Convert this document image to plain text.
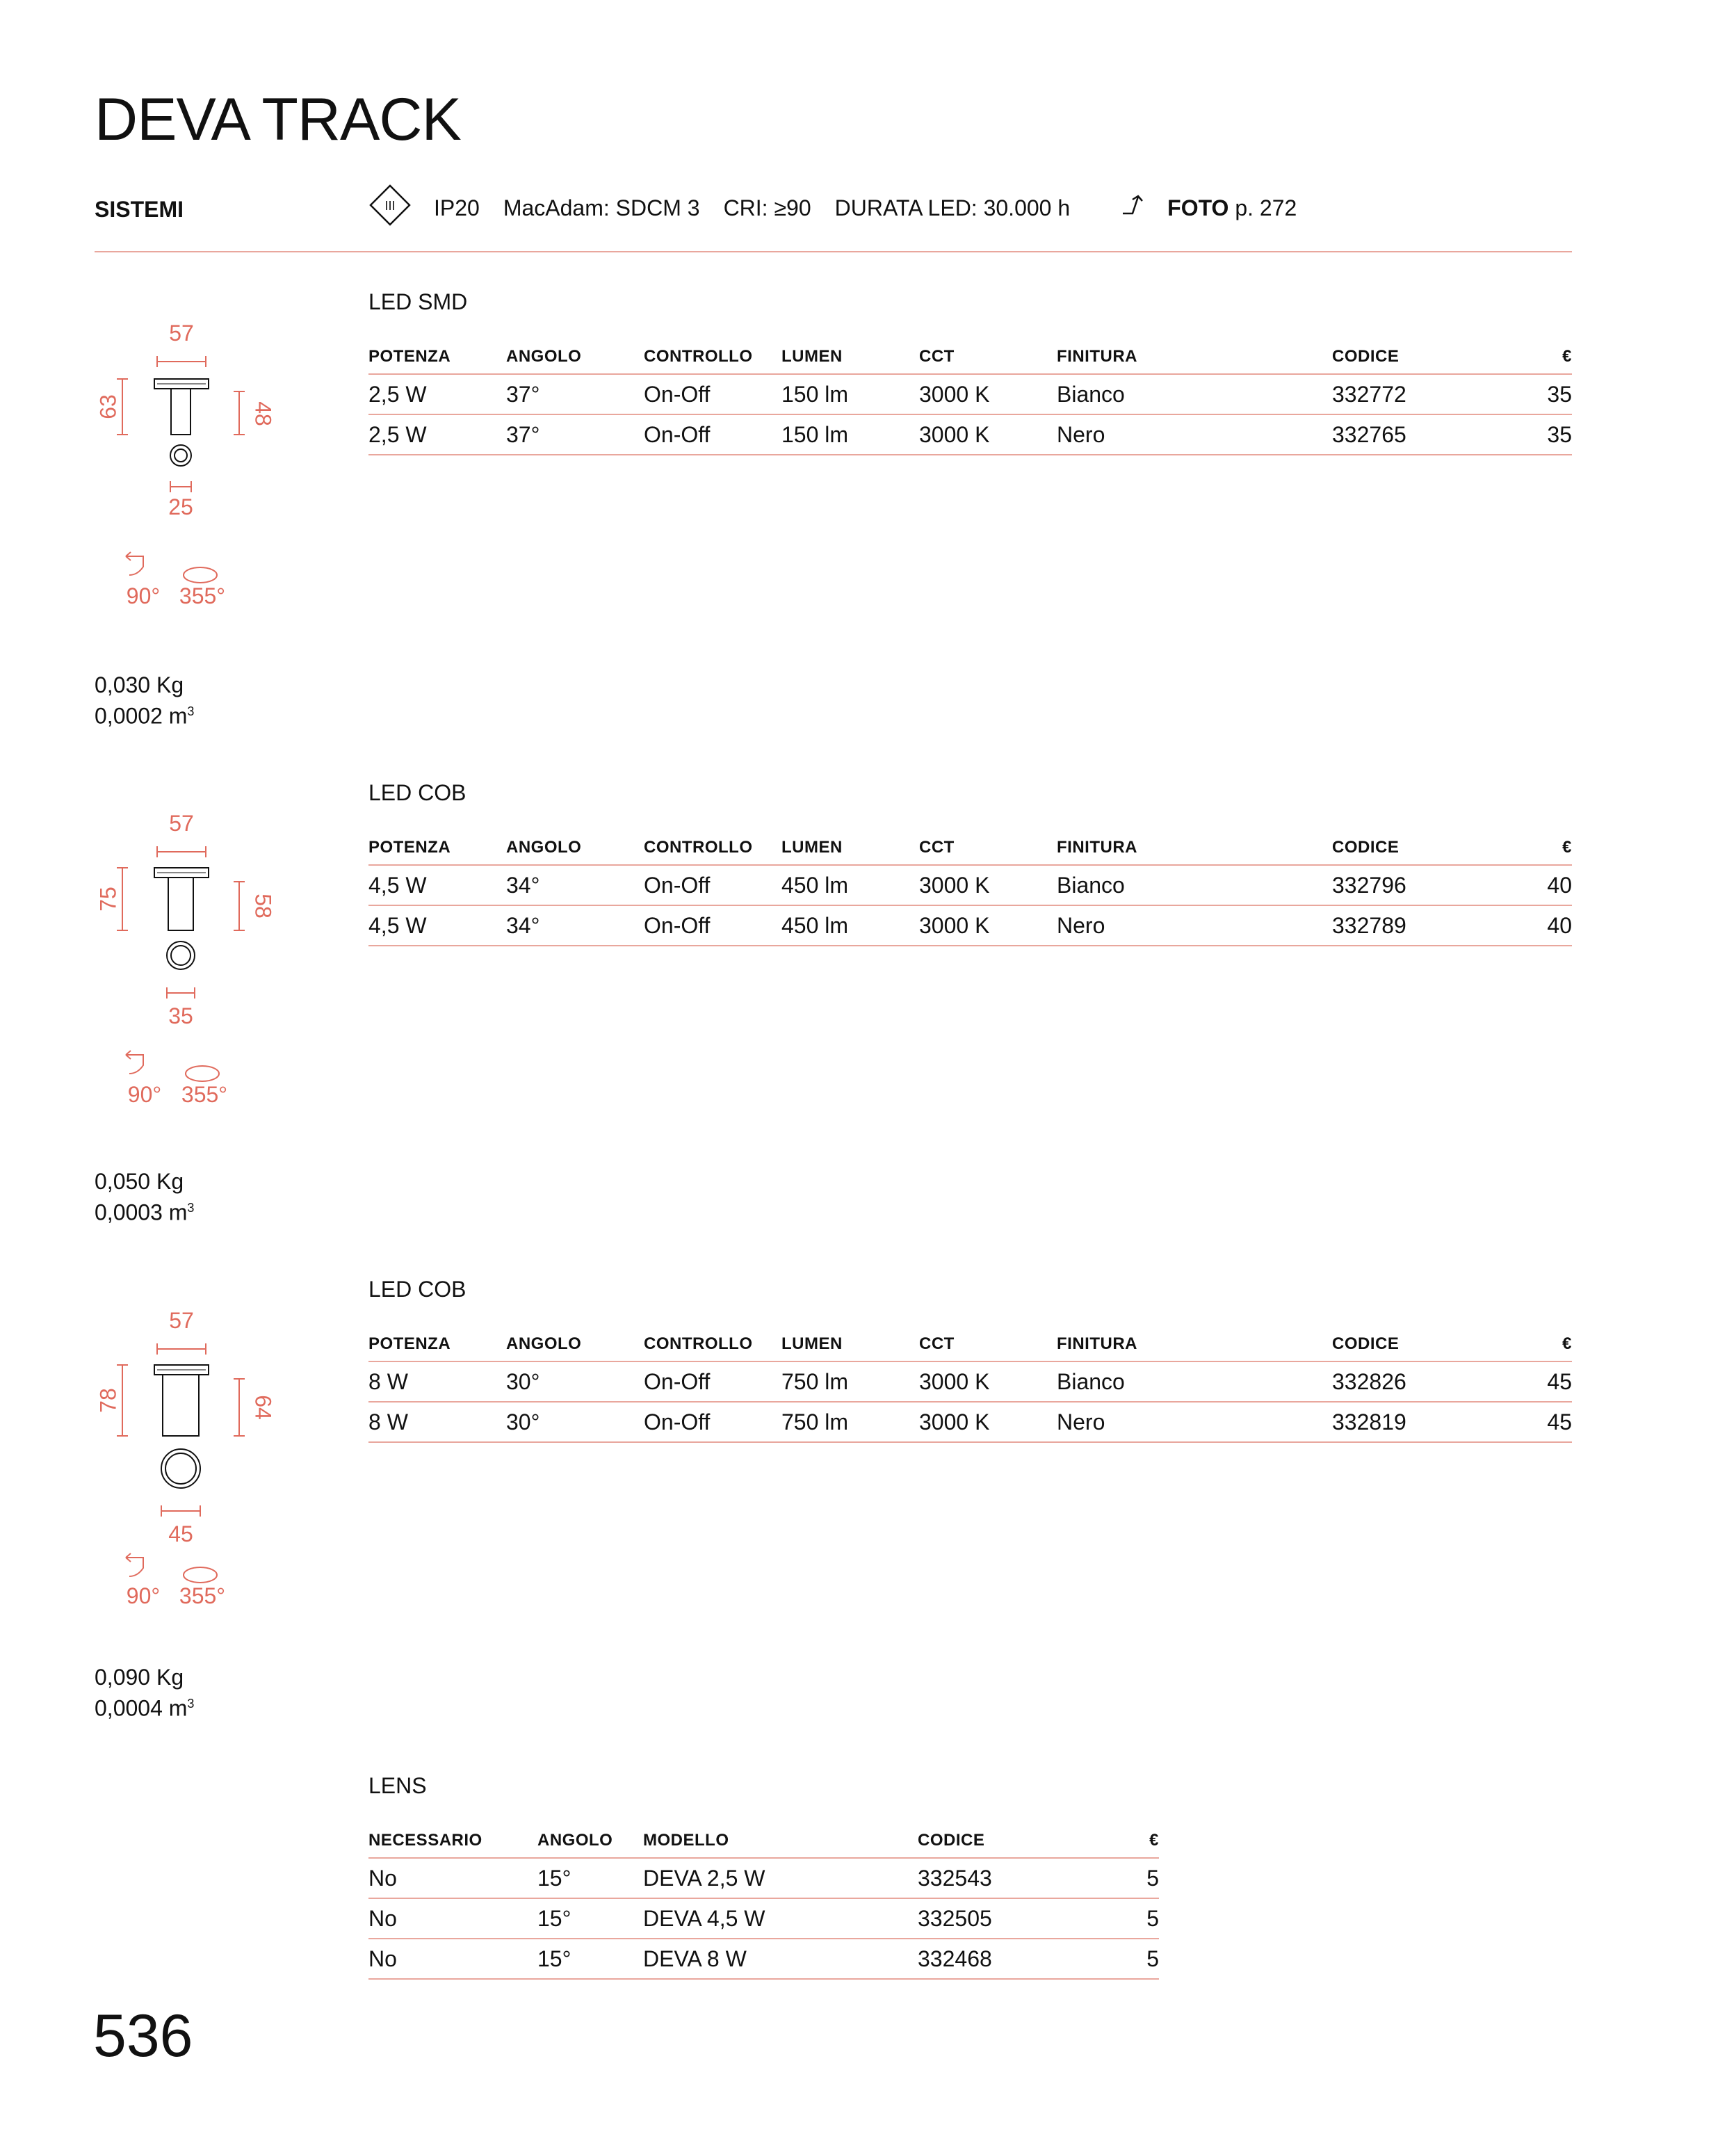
DEVA TRACK
SISTEMI	III IP20 MacAdam: SDCM 3 CRI: ≥90 DURATA LED: 30.000 h	FOTO p. 272
LED SMD
POTENZA	ANGOLO	CONTROLLO	LUMEN	CCT	FINITURA	CODICE	€
2,5 W	37°	On-Off	150 lm	3000 K	Bianco	332772	35
2,5 W	37°	On-Off	150 lm	3000 K	Nero	332765	35
57
63	48
25
90° 355°
0,030 Kg
0,0002 $m^3$
LED COB
POTENZA	ANGOLO	CONTROLLO	LUMEN	CCT	FINITURA	CODICE	€
4,5 W	34°	On-Off	450 lm	3000 K	Bianco	332796	40
4,5 W	34°	On-Off	450 lm	3000 K	Nero	332789	40
57
75	58
35
90° 355°
0,050 Kg
0,0003 $m^3$
LED COB
POTENZA	ANGOLO	CONTROLLO	LUMEN	CCT	FINITURA	CODICE	€
8 W	30°	On-Off	750 lm	3000 K	Bianco	332826	45
8 W	30°	On-Off	750 lm	3000 K	Nero	332819	45
57
78	64
45
90° 355°
0,090 Kg
0,0004 $m^3$
LENS
NECESSARIO	ANGOLO	MODELLO	CODICE	€
No	15°	DEVA 2,5 W	332543	5
No	15°	DEVA 4,5 W	332505	5
No	15°	DEVA 8 W	332468	5
536
